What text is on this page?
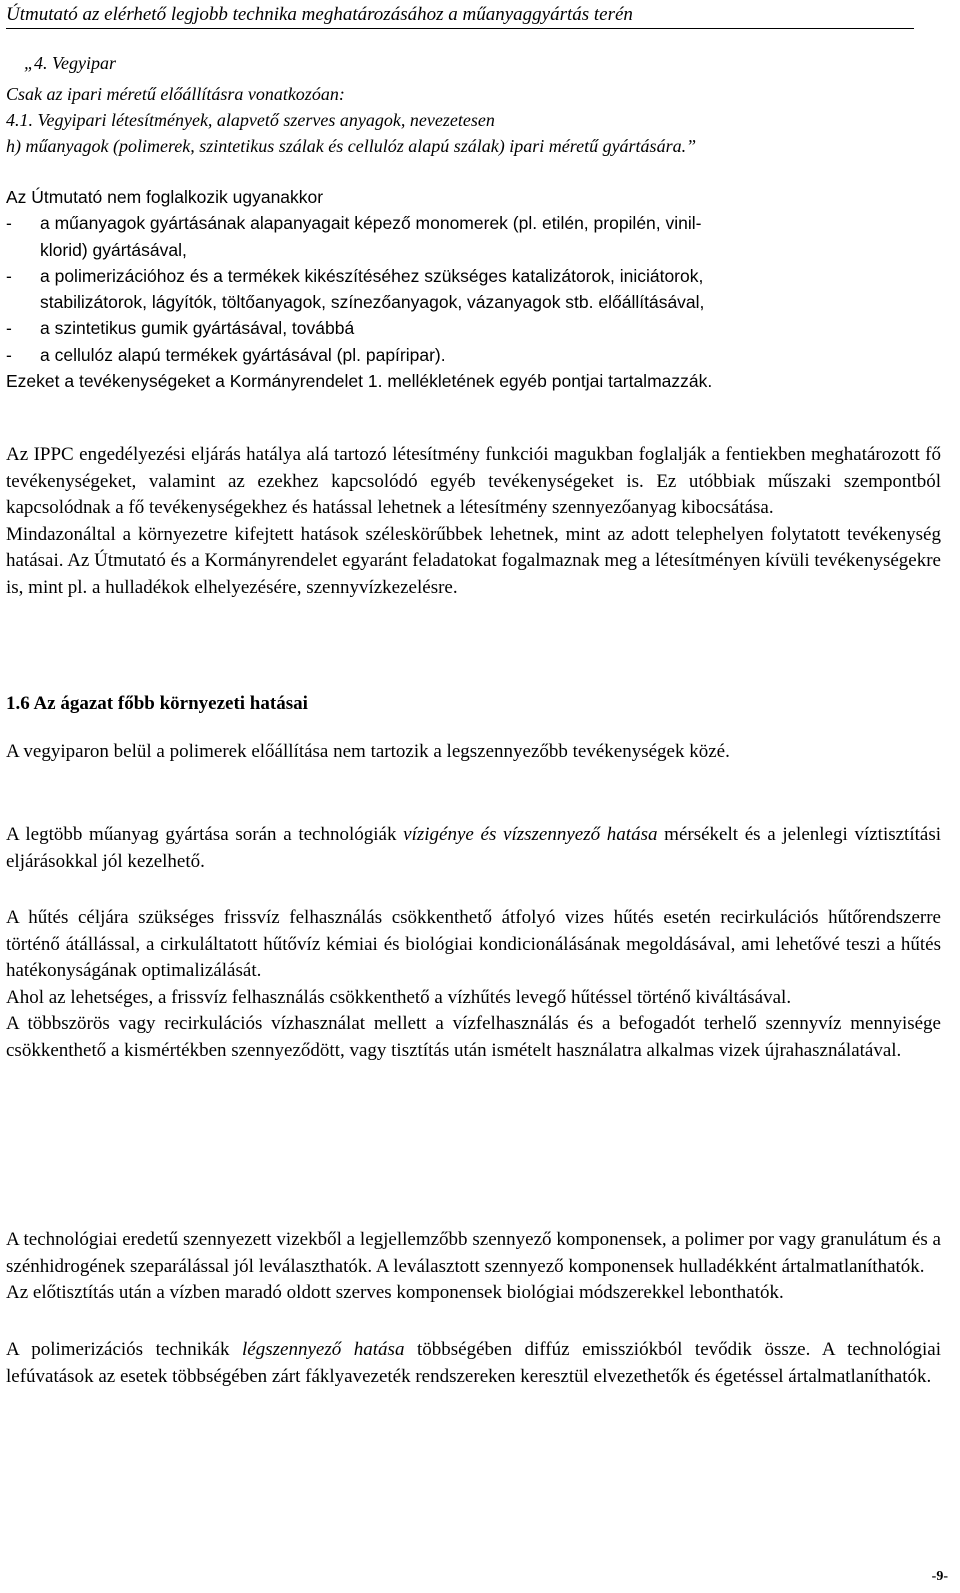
Útmutató az elérhető legjobb technika meghatározásához a műanyaggyártás terén
„4. Vegyipar
Csak az ipari méretű előállításra vonatkozóan:
4.1. Vegyipari létesítmények, alapvető szerves anyagok, nevezetesen
h) műanyagok (polimerek, szintetikus szálak és cellulóz alapú szálak) ipari méretű gyártására.”
Az Útmutató nem foglalkozik ugyanakkor
-	a műanyagok gyártásának alapanyagait képező monomerek (pl. etilén, propilén, vinil-
klorid) gyártásával,
-	a polimerizációhoz és a termékek kikészítéséhez szükséges katalizátorok, iniciátorok,
stabilizátorok, lágyítók, töltőanyagok, színezőanyagok, vázanyagok stb. előállításával,
-	a szintetikus gumik gyártásával, továbbá
-	a cellulóz alapú termékek gyártásával (pl. papíripar).
Ezeket a tevékenységeket a Kormányrendelet 1. mellékletének egyéb pontjai tartalmazzák.

Az IPPC engedélyezési eljárás hatálya alá tartozó létesítmény funkciói magukban foglalják a fentiekben meghatározott fő tevékenységeket, valamint az ezekhez kapcsolódó egyéb tevékenységeket is. Ez utóbbiak műszaki szempontból kapcsolódnak a fő tevékenységekhez és hatással lehetnek a létesítmény szennyezőanyag kibocsátása.

Mindazonáltal a környezetre kifejtett hatások széleskörűbbek lehetnek, mint az adott telephelyen folytatott tevékenység hatásai. Az Útmutató és a Kormányrendelet egyaránt feladatokat fogalmaznak meg a létesítményen kívüli tevékenységekre is, mint pl. a hulladékok elhelyezésére, szennyvízkezelésre.

1.6 Az ágazat főbb környezeti hatásai

A vegyiparon belül a polimerek előállítása nem tartozik a legszennyezőbb tevékenységek közé.

A legtöbb műanyag gyártása során a technológiák vízigénye és vízszennyező hatása mérsékelt és a jelenlegi víztisztítási eljárásokkal jól kezelhető.

A hűtés céljára szükséges frissvíz felhasználás csökkenthető átfolyó vizes hűtés esetén recirkulációs hűtőrendszerre történő átállással, a cirkuláltatott hűtővíz kémiai és biológiai kondicionálásának megoldásával, ami lehetővé teszi a hűtés hatékonyságának optimalizálását.

Ahol az lehetséges, a frissvíz felhasználás csökkenthető a vízhűtés levegő hűtéssel történő kiváltásával.

A többszörös vagy recirkulációs vízhasználat mellett a vízfelhasználás és a befogadót terhelő szennyvíz mennyisége csökkenthető a kismértékben szennyeződött, vagy tisztítás után ismételt használatra alkalmas vizek újrahasználatával.

A technológiai eredetű szennyezett vizekből a legjellemzőbb szennyező komponensek, a polimer por vagy granulátum és a szénhidrogének szeparálással jól leválaszthatók. A leválasztott szennyező komponensek hulladékként ártalmatlaníthatók.

Az előtisztítás után a vízben maradó oldott szerves komponensek biológiai módszerekkel lebonthatók.

A polimerizációs technikák légszennyező hatása többségében diffúz emissziókból tevődik össze. A technológiai lefúvatások az esetek többségében zárt fáklyavezeték rendszereken keresztül elvezethetők és égetéssel ártalmatlaníthatók.

-9-
